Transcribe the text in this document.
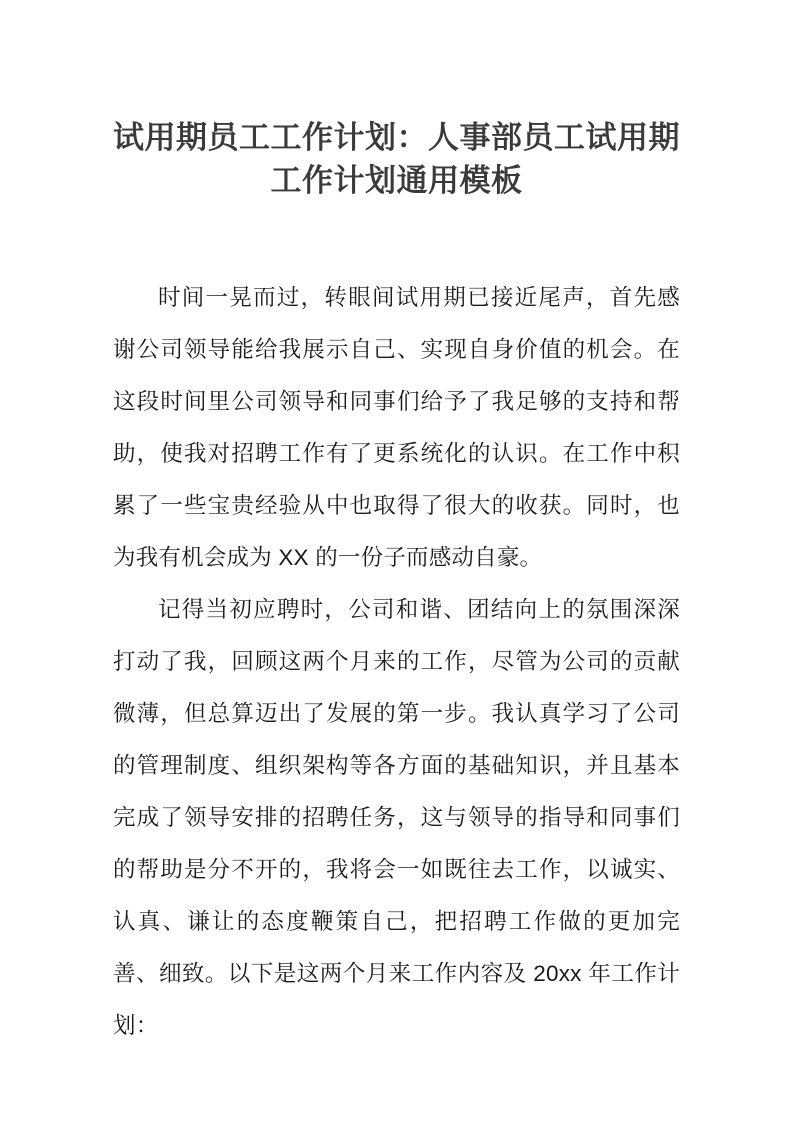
试用期员工工作计划：人事部员工试用期工作计划通用模板

时间一晃而过，转眼间试用期已接近尾声，首先感谢公司领导能给我展示自己、实现自身价值的机会。在这段时间里公司领导和同事们给予了我足够的支持和帮助，使我对招聘工作有了更系统化的认识。在工作中积累了一些宝贵经验从中也取得了很大的收获。同时，也为我有机会成为 XX 的一份子而感动自豪。

记得当初应聘时，公司和谐、团结向上的氛围深深打动了我，回顾这两个月来的工作，尽管为公司的贡献微薄，但总算迈出了发展的第一步。我认真学习了公司的管理制度、组织架构等各方面的基础知识，并且基本完成了领导安排的招聘任务，这与领导的指导和同事们的帮助是分不开的，我将会一如既往去工作，以诚实、认真、谦让的态度鞭策自己，把招聘工作做的更加完善、细致。以下是这两个月来工作内容及 20xx 年工作计划：
